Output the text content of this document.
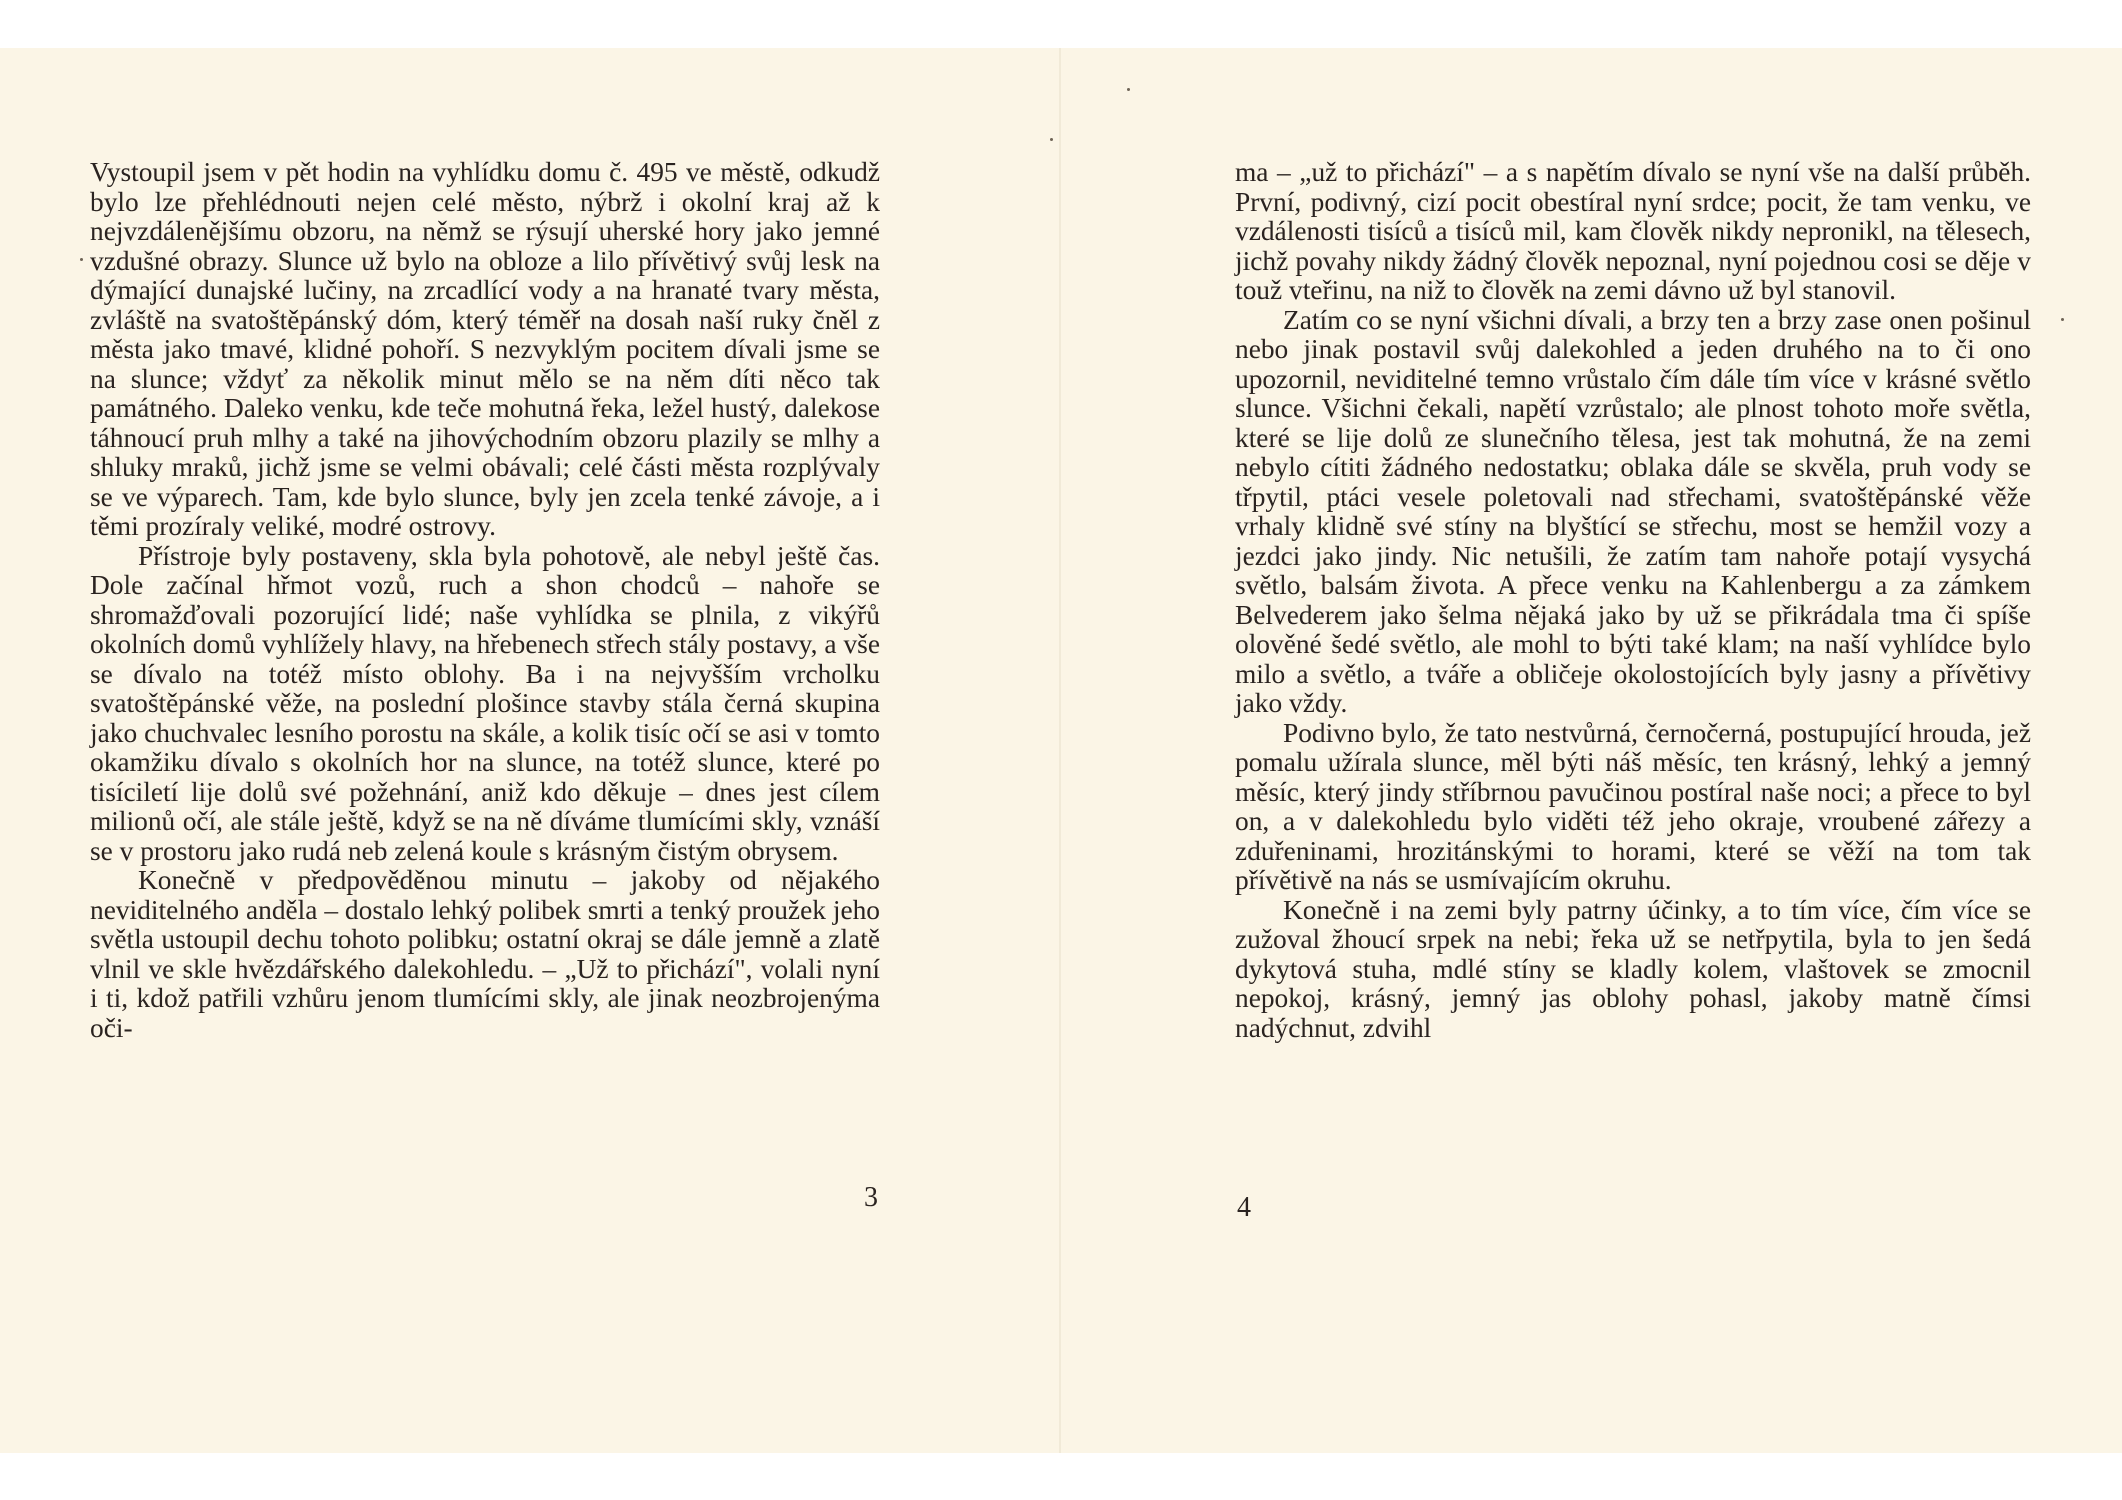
Vystoupil jsem v pět hodin na vyhlídku domu č. 495 ve městě, odkudž bylo lze přehlédnouti nejen celé město, nýbrž i okolní kraj až k nejvzdálenějšímu obzoru, na němž se rýsují uherské hory jako jemné vzdušné obrazy. Slunce už bylo na obloze a lilo přívětivý svůj lesk na dýmající dunajské lučiny, na zrcadlící vody a na hranaté tvary města, zvláště na svatoštěpánský dóm, který téměř na dosah naší ruky čněl z města jako tmavé, klidné pohoří. S nezvyklým pocitem dívali jsme se na slunce; vždyť za několik minut mělo se na něm díti něco tak památného. Daleko venku, kde teče mohutná řeka, ležel hustý, dalekose táhnoucí pruh mlhy a také na jihovýchodním obzoru plazily se mlhy a shluky mraků, jichž jsme se velmi obávali; celé části města rozplývaly se ve výparech. Tam, kde bylo slunce, byly jen zcela tenké závoje, a i těmi prozíraly veliké, modré ostrovy.

Přístroje byly postaveny, skla byla pohotově, ale nebyl ještě čas. Dole začínal hřmot vozů, ruch a shon chodců – nahoře se shromažďovali pozorující lidé; naše vyhlídka se plnila, z vikýřů okolních domů vyhlížely hlavy, na hřebenech střech stály postavy, a vše se dívalo na totéž místo oblohy. Ba i na nejvyšším vrcholku svatoštěpánské věže, na poslední plošince stavby stála černá skupina jako chuchvalec lesního porostu na skále, a kolik tisíc očí se asi v tomto okamžiku dívalo s okolních hor na slunce, na totéž slunce, které po tisíciletí lije dolů své požehnání, aniž kdo děkuje – dnes jest cílem milionů očí, ale stále ještě, když se na ně díváme tlumícími skly, vznáší se v prostoru jako rudá neb zelená koule s krásným čistým obrysem.

Konečně v předpověděnou minutu – jakoby od nějakého neviditelného anděla – dostalo lehký polibek smrti a tenký proužek jeho světla ustoupil dechu tohoto polibku; ostatní okraj se dále jemně a zlatě vlnil ve skle hvězdářského dalekohledu. – „Už to přichází", volali nyní i ti, kdož patřili vzhůru jenom tlumícími skly, ale jinak neozbrojenýma oči-

3

ma – „už to přichází" – a s napětím dívalo se nyní vše na další průběh. První, podivný, cizí pocit obestíral nyní srdce; pocit, že tam venku, ve vzdálenosti tisíců a tisíců mil, kam člověk nikdy nepronikl, na tělesech, jichž povahy nikdy žádný člověk nepoznal, nyní pojednou cosi se děje v touž vteřinu, na niž to člověk na zemi dávno už byl stanovil.

Zatím co se nyní všichni dívali, a brzy ten a brzy zase onen pošinul nebo jinak postavil svůj dalekohled a jeden druhého na to či ono upozornil, neviditelné temno vrůstalo čím dále tím více v krásné světlo slunce. Všichni čekali, napětí vzrůstalo; ale plnost tohoto moře světla, které se lije dolů ze slunečního tělesa, jest tak mohutná, že na zemi nebylo cítiti žádného nedostatku; oblaka dále se skvěla, pruh vody se třpytil, ptáci vesele poletovali nad střechami, svatoštěpánské věže vrhaly klidně své stíny na blyštící se střechu, most se hemžil vozy a jezdci jako jindy. Nic netušili, že zatím tam nahoře potají vysychá světlo, balsám života. A přece venku na Kahlenbergu a za zámkem Belvederem jako šelma nějaká jako by už se přikrádala tma či spíše olověné šedé světlo, ale mohl to býti také klam; na naší vyhlídce bylo milo a světlo, a tváře a obličeje okolostojících byly jasny a přívětivy jako vždy.

Podivno bylo, že tato nestvůrná, černočerná, postupující hrouda, jež pomalu užírala slunce, měl býti náš měsíc, ten krásný, lehký a jemný měsíc, který jindy stříbrnou pavučinou postíral naše noci; a přece to byl on, a v dalekohledu bylo viděti též jeho okraje, vroubené zářezy a zduřeninami, hrozitánskými to horami, které se věží na tom tak přívětivě na nás se usmívajícím okruhu.

Konečně i na zemi byly patrny účinky, a to tím více, čím více se zužoval žhoucí srpek na nebi; řeka už se netřpytila, byla to jen šedá dykytová stuha, mdlé stíny se kladly kolem, vlaštovek se zmocnil nepokoj, krásný, jemný jas oblohy pohasl, jakoby matně čímsi nadýchnut, zdvihl

4
